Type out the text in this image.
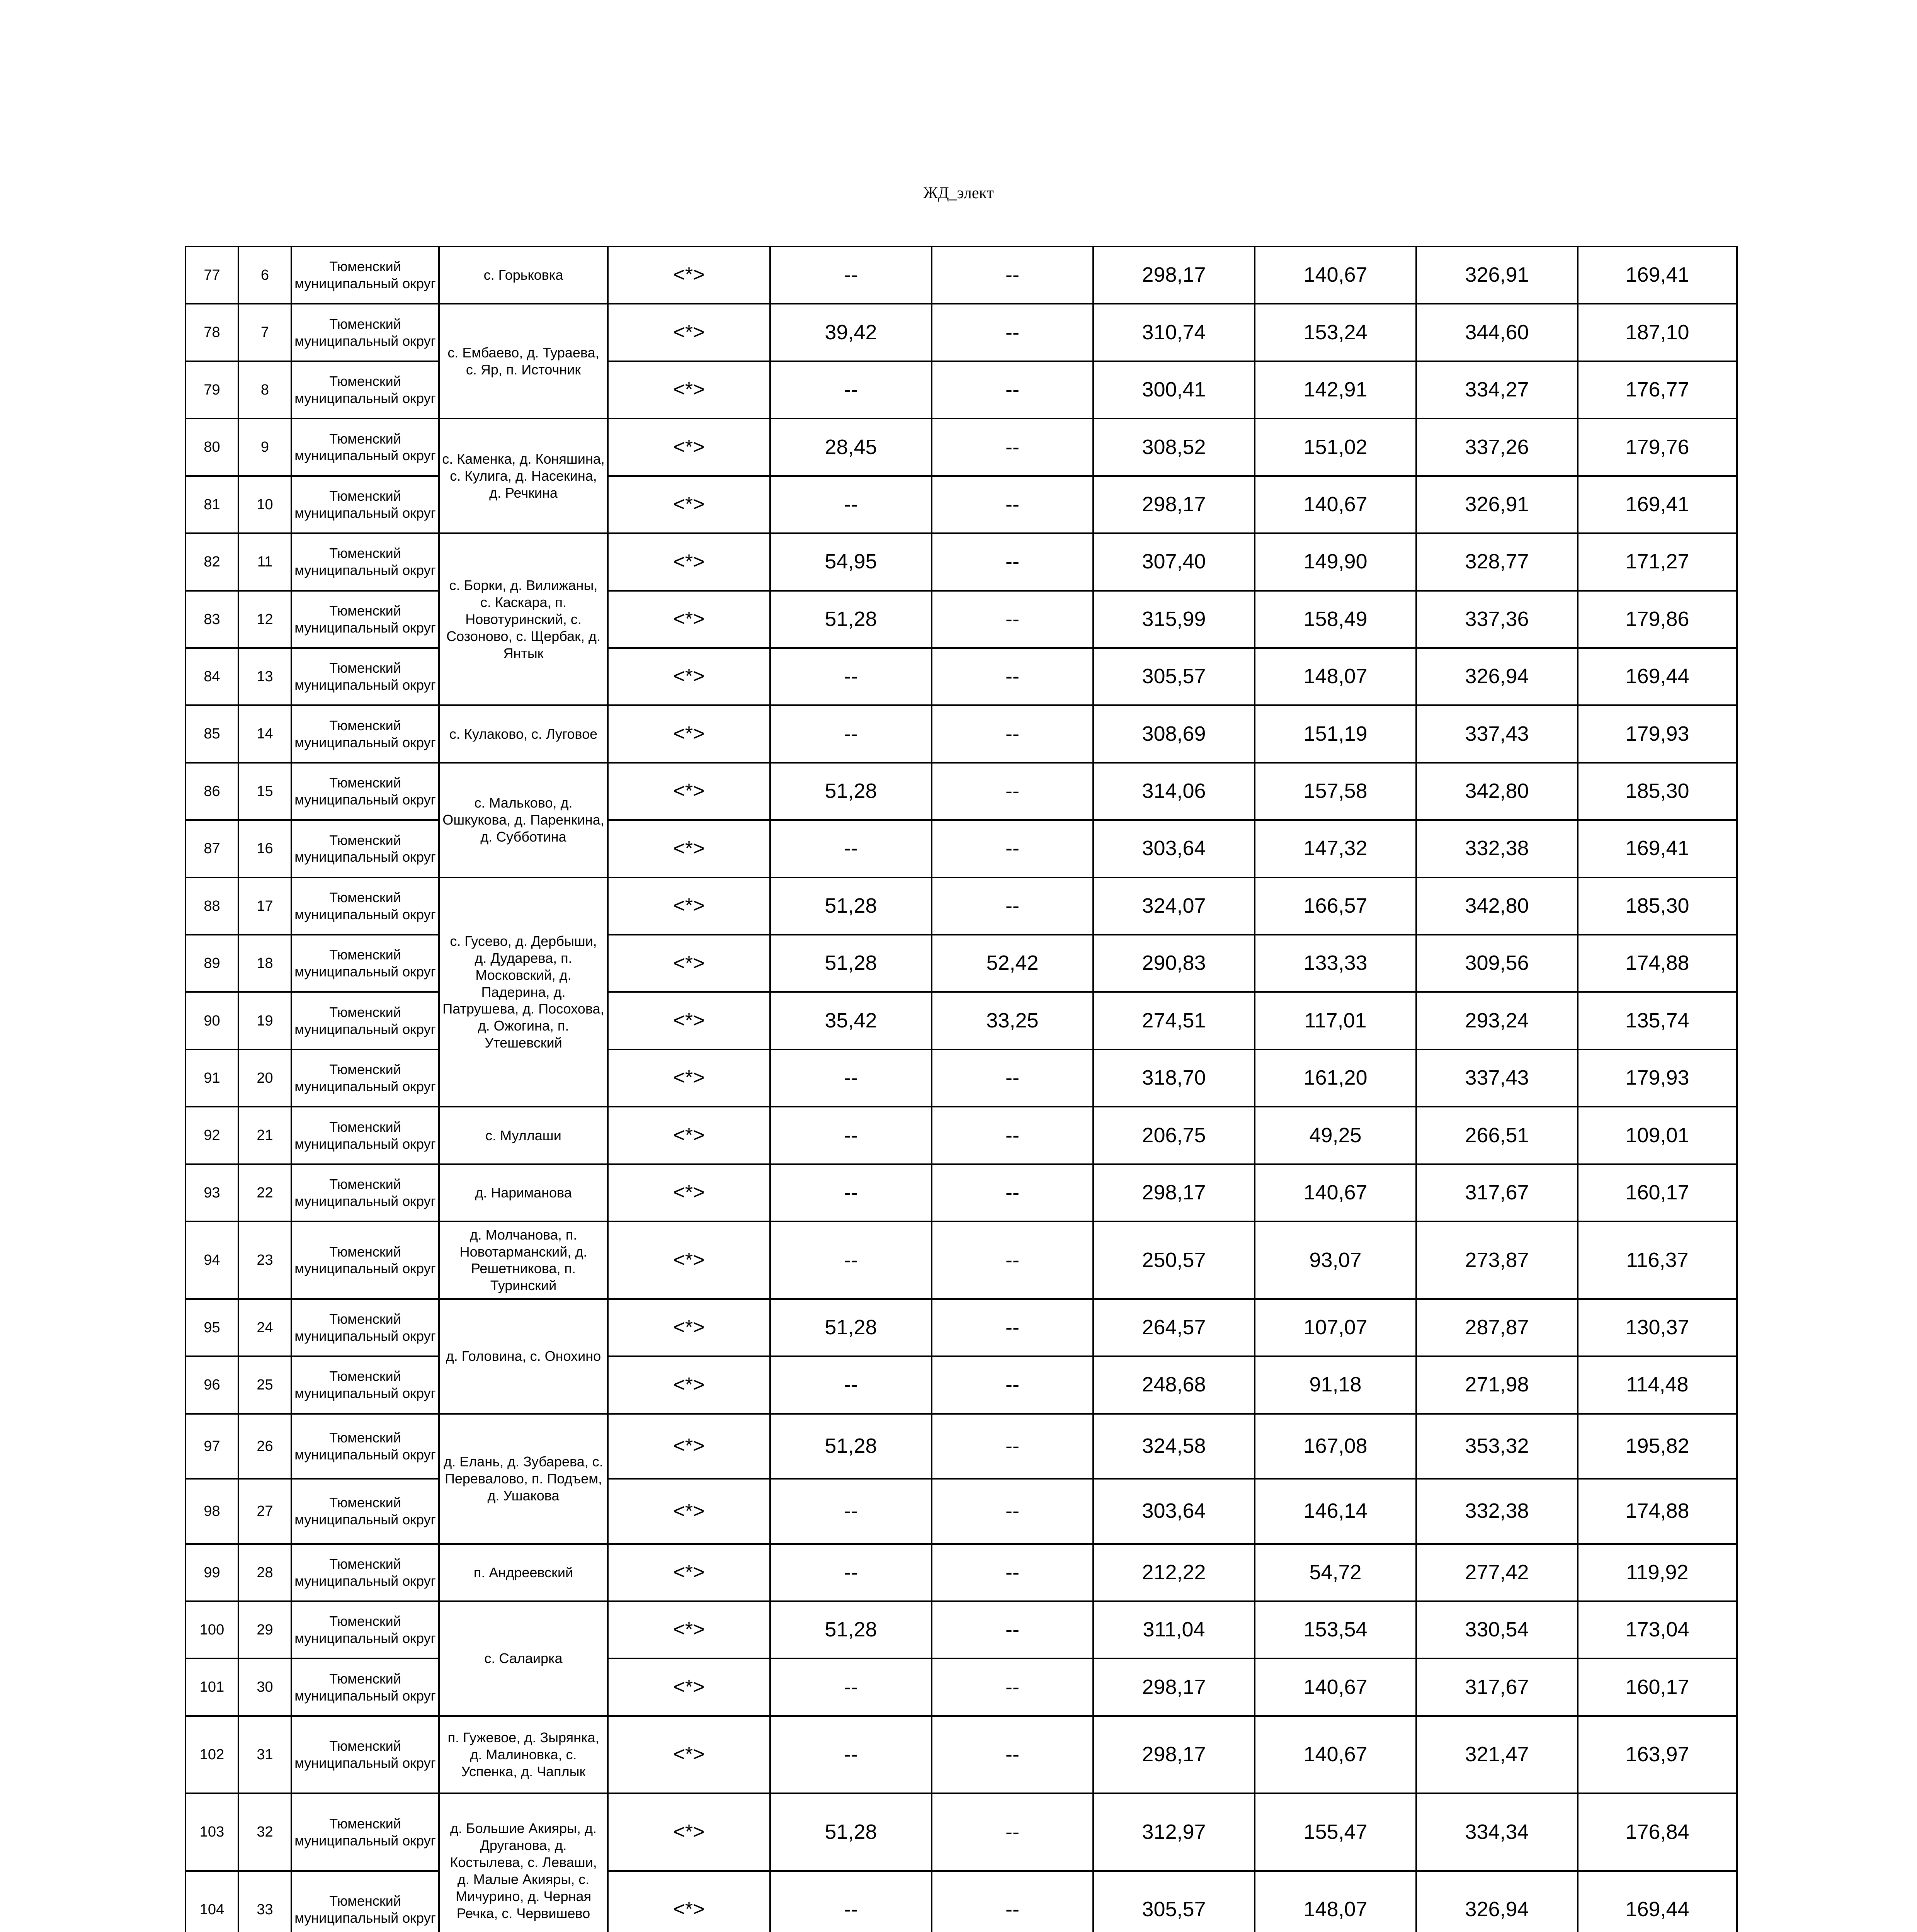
ЖД_элект
77	6	Тюменский муниципальный округ	с. Горьковка	<*>	--	--	298,17	140,67	326,91	169,41
78	7	Тюменский муниципальный округ	с. Ембаево, д. Тураева, с. Яр, п. Источник	<*>	39,42	--	310,74	153,24	344,60	187,10
79	8	Тюменский муниципальный округ		<*>	--	--	300,41	142,91	334,27	176,77
80	9	Тюменский муниципальный округ	с. Каменка, д. Коняшина, с. Кулига, д. Насекина, д. Речкина	<*>	28,45	--	308,52	151,02	337,26	179,76
81	10	Тюменский муниципальный округ		<*>	--	--	298,17	140,67	326,91	169,41
82	11	Тюменский муниципальный округ	с. Борки, д. Вилижаны, с. Каскара, п. Новотуринский, с. Созоново, с. Щербак, д. Янтык	<*>	54,95	--	307,40	149,90	328,77	171,27
83	12	Тюменский муниципальный округ		<*>	51,28	--	315,99	158,49	337,36	179,86
84	13	Тюменский муниципальный округ		<*>	--	--	305,57	148,07	326,94	169,44
85	14	Тюменский муниципальный округ	с. Кулаково, с. Луговое	<*>	--	--	308,69	151,19	337,43	179,93
86	15	Тюменский муниципальный округ	с. Мальково, д. Ошкукова, д. Паренкина, д. Субботина	<*>	51,28	--	314,06	157,58	342,80	185,30
87	16	Тюменский муниципальный округ		<*>	--	--	303,64	147,32	332,38	169,41
88	17	Тюменский муниципальный округ	с. Гусево, д. Дербыши, д. Дударева, п. Московский, д. Падерина, д. Патрушева, д. Посохова, д. Ожогина, п. Утешевский	<*>	51,28	--	324,07	166,57	342,80	185,30
89	18	Тюменский муниципальный округ		<*>	51,28	52,42	290,83	133,33	309,56	174,88
90	19	Тюменский муниципальный округ		<*>	35,42	33,25	274,51	117,01	293,24	135,74
91	20	Тюменский муниципальный округ		<*>	--	--	318,70	161,20	337,43	179,93
92	21	Тюменский муниципальный округ	с. Муллаши	<*>	--	--	206,75	49,25	266,51	109,01
93	22	Тюменский муниципальный округ	д. Нариманова	<*>	--	--	298,17	140,67	317,67	160,17
94	23	Тюменский муниципальный округ	д. Молчанова, п. Новотарманский, д. Решетникова, п. Туринский	<*>	--	--	250,57	93,07	273,87	116,37
95	24	Тюменский муниципальный округ	д. Головина, с. Онохино	<*>	51,28	--	264,57	107,07	287,87	130,37
96	25	Тюменский муниципальный округ		<*>	--	--	248,68	91,18	271,98	114,48
97	26	Тюменский муниципальный округ	д. Елань, д. Зубарева, с. Перевалово, п. Подъем, д. Ушакова	<*>	51,28	--	324,58	167,08	353,32	195,82
98	27	Тюменский муниципальный округ		<*>	--	--	303,64	146,14	332,38	174,88
99	28	Тюменский муниципальный округ	п. Андреевский	<*>	--	--	212,22	54,72	277,42	119,92
100	29	Тюменский муниципальный округ	с. Салаирка	<*>	51,28	--	311,04	153,54	330,54	173,04
101	30	Тюменский муниципальный округ		<*>	--	--	298,17	140,67	317,67	160,17
102	31	Тюменский муниципальный округ	п. Гужевое, д. Зырянка, д. Малиновка, с. Успенка, д. Чаплык	<*>	--	--	298,17	140,67	321,47	163,97
103	32	Тюменский муниципальный округ	д. Большие Акияры, д. Друганова, д. Костылева, с. Леваши, д. Малые Акияры, с. Мичурино, д. Черная Речка, с. Червишево	<*>	51,28	--	312,97	155,47	334,34	176,84
104	33	Тюменский муниципальный округ		<*>	--	--	305,57	148,07	326,94	169,44
